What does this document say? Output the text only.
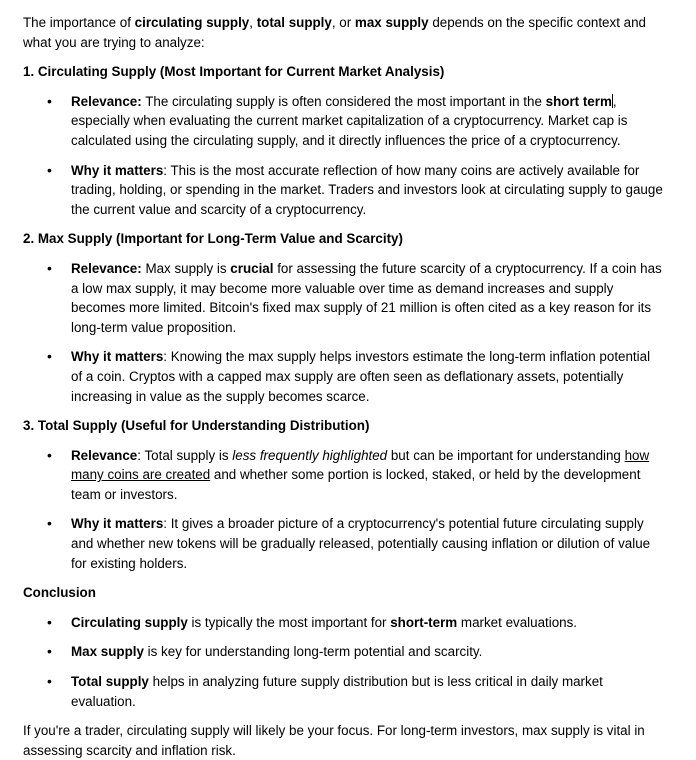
The importance of circulating supply, total supply, or max supply depends on the specific context and what you are trying to analyze:

1. Circulating Supply (Most Important for Current Market Analysis)

• Relevance: The circulating supply is often considered the most important in the short term, especially when evaluating the current market capitalization of a cryptocurrency. Market cap is calculated using the circulating supply, and it directly influences the price of a cryptocurrency.
• Why it matters: This is the most accurate reflection of how many coins are actively available for trading, holding, or spending in the market. Traders and investors look at circulating supply to gauge the current value and scarcity of a cryptocurrency.

2. Max Supply (Important for Long-Term Value and Scarcity)

• Relevance: Max supply is crucial for assessing the future scarcity of a cryptocurrency. If a coin has a low max supply, it may become more valuable over time as demand increases and supply becomes more limited. Bitcoin's fixed max supply of 21 million is often cited as a key reason for its long-term value proposition.
• Why it matters: Knowing the max supply helps investors estimate the long-term inflation potential of a coin. Cryptos with a capped max supply are often seen as deflationary assets, potentially increasing in value as the supply becomes scarce.

3. Total Supply (Useful for Understanding Distribution)

• Relevance: Total supply is less frequently highlighted but can be important for understanding how many coins are created and whether some portion is locked, staked, or held by the development team or investors.
• Why it matters: It gives a broader picture of a cryptocurrency's potential future circulating supply and whether new tokens will be gradually released, potentially causing inflation or dilution of value for existing holders.

Conclusion

• Circulating supply is typically the most important for short-term market evaluations.
• Max supply is key for understanding long-term potential and scarcity.
• Total supply helps in analyzing future supply distribution but is less critical in daily market evaluation.

If you're a trader, circulating supply will likely be your focus. For long-term investors, max supply is vital in assessing scarcity and inflation risk.
